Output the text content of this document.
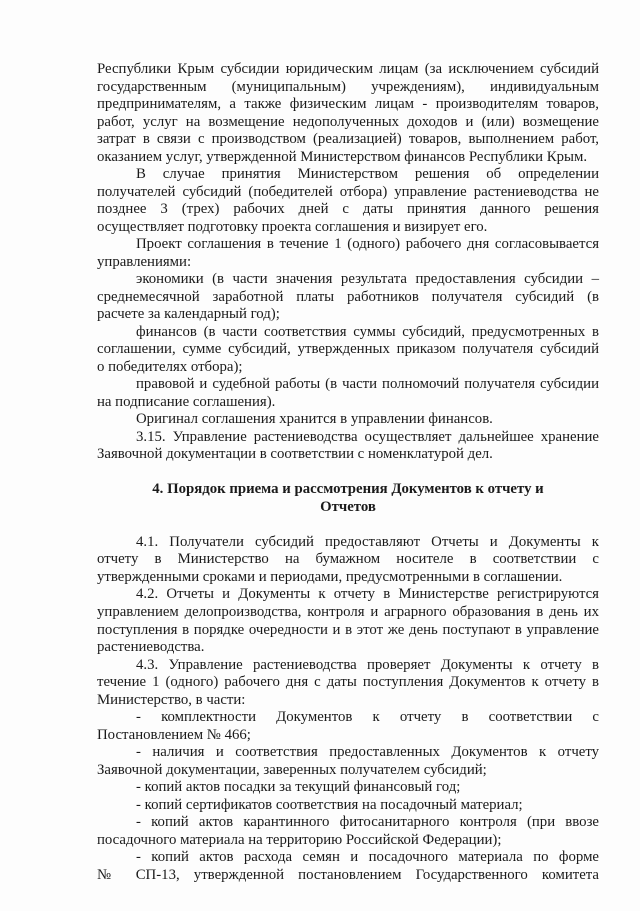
Республики Крым субсидии юридическим лицам (за исключением субсидий
государственным (муниципальным) учреждениям), индивидуальным
предпринимателям, а также физическим лицам - производителям товаров,
работ, услуг на возмещение недополученных доходов и (или) возмещение
затрат в связи с производством (реализацией) товаров, выполнением работ,
оказанием услуг, утвержденной Министерством финансов Республики Крым.
В случае принятия Министерством решения об определении
получателей субсидий (победителей отбора) управление растениеводства не
позднее 3 (трех) рабочих дней с даты принятия данного решения
осуществляет подготовку проекта соглашения и визирует его.
Проект соглашения в течение 1 (одного) рабочего дня согласовывается
управлениями:
экономики (в части значения результата предоставления субсидии –
среднемесячной заработной платы работников получателя субсидий (в
расчете за календарный год);
финансов (в части соответствия суммы субсидий, предусмотренных в
соглашении, сумме субсидий, утвержденных приказом получателя субсидий
о победителях отбора);
правовой и судебной работы (в части полномочий получателя субсидии
на подписание соглашения).
Оригинал соглашения хранится в управлении финансов.
3.15. Управление растениеводства осуществляет дальнейшее хранение
Заявочной документации в соответствии с номенклатурой дел.
4. Порядок приема и рассмотрения Документов к отчету и
Отчетов
4.1. Получатели субсидий предоставляют Отчеты и Документы к
отчету в Министерство на бумажном носителе в соответствии с
утвержденными сроками и периодами, предусмотренными в соглашении.
4.2. Отчеты и Документы к отчету в Министерстве регистрируются
управлением делопроизводства, контроля и аграрного образования в день их
поступления в порядке очередности и в этот же день поступают в управление
растениеводства.
4.3. Управление растениеводства проверяет Документы к отчету в
течение 1 (одного) рабочего дня с даты поступления Документов к отчету в
Министерство, в части:
- комплектности Документов к отчету в соответствии с
Постановлением № 466;
- наличия и соответствия предоставленных Документов к отчету
Заявочной документации, заверенных получателем субсидий;
- копий актов посадки за текущий финансовый год;
- копий сертификатов соответствия на посадочный материал;
- копий актов карантинного фитосанитарного контроля (при ввозе
посадочного материала на территорию Российской Федерации);
- копий актов расхода семян и посадочного материала по форме
№ СП-13, утвержденной постановлением Государственного комитета
